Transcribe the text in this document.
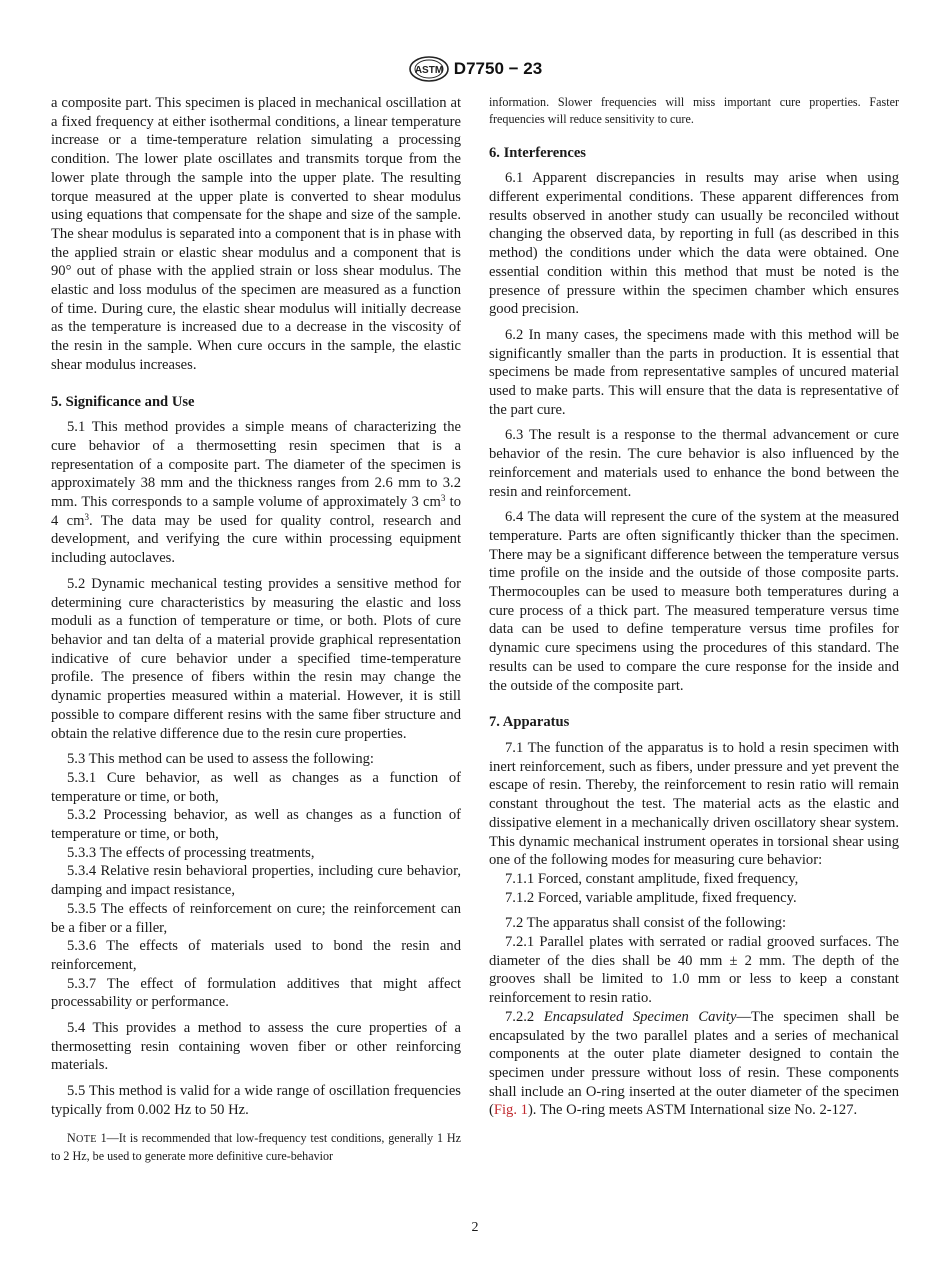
ASTM D7750 − 23

a composite part. This specimen is placed in mechanical oscillation at a fixed frequency at either isothermal conditions, a linear temperature increase or a time-temperature relation simulating a processing condition. The lower plate oscillates and transmits torque from the lower plate through the sample into the upper plate. The resulting torque measured at the upper plate is converted to shear modulus using equations that compensate for the shape and size of the sample. The shear modulus is separated into a component that is in phase with the applied strain or elastic shear modulus and a component that is 90° out of phase with the applied strain or loss shear modulus. The elastic and loss modulus of the specimen are measured as a function of time. During cure, the elastic shear modulus will initially decrease as the temperature is increased due to a decrease in the viscosity of the resin in the sample. When cure occurs in the sample, the elastic shear modulus increases.

5. Significance and Use

5.1 This method provides a simple means of characterizing the cure behavior of a thermosetting resin specimen that is a representation of a composite part. The diameter of the specimen is approximately 38 mm and the thickness ranges from 2.6 mm to 3.2 mm. This corresponds to a sample volume of approximately 3 $cm^3$ to 4 $cm^3$. The data may be used for quality control, research and development, and verifying the cure within processing equipment including autoclaves.

5.2 Dynamic mechanical testing provides a sensitive method for determining cure characteristics by measuring the elastic and loss moduli as a function of temperature or time, or both. Plots of cure behavior and tan delta of a material provide graphical representation indicative of cure behavior under a specified time-temperature profile. The presence of fibers within the resin may change the dynamic properties measured within a material. However, it is still possible to compare different resins with the same fiber structure and obtain the relative difference due to the resin cure properties.

5.3 This method can be used to assess the following:

5.3.1 Cure behavior, as well as changes as a function of temperature or time, or both,

5.3.2 Processing behavior, as well as changes as a function of temperature or time, or both,

5.3.3 The effects of processing treatments,

5.3.4 Relative resin behavioral properties, including cure behavior, damping and impact resistance,

5.3.5 The effects of reinforcement on cure; the reinforcement can be a fiber or a filler,

5.3.6 The effects of materials used to bond the resin and reinforcement,

5.3.7 The effect of formulation additives that might affect processability or performance.

5.4 This provides a method to assess the cure properties of a thermosetting resin containing woven fiber or other reinforcing materials.

5.5 This method is valid for a wide range of oscillation frequencies typically from 0.002 Hz to 50 Hz.

NOTE 1—It is recommended that low-frequency test conditions, generally 1 Hz to 2 Hz, be used to generate more definitive cure-behavior

information. Slower frequencies will miss important cure properties. Faster frequencies will reduce sensitivity to cure.

6. Interferences

6.1 Apparent discrepancies in results may arise when using different experimental conditions. These apparent differences from results observed in another study can usually be reconciled without changing the observed data, by reporting in full (as described in this method) the conditions under which the data were obtained. One essential condition within this method that must be noted is the presence of pressure within the specimen chamber which ensures good precision.

6.2 In many cases, the specimens made with this method will be significantly smaller than the parts in production. It is essential that specimens be made from representative samples of uncured material used to make parts. This will ensure that the data is representative of the part cure.

6.3 The result is a response to the thermal advancement or cure behavior of the resin. The cure behavior is also influenced by the reinforcement and materials used to enhance the bond between the resin and reinforcement.

6.4 The data will represent the cure of the system at the measured temperature. Parts are often significantly thicker than the specimen. There may be a significant difference between the temperature versus time profile on the inside and the outside of those composite parts. Thermocouples can be used to measure both temperatures during a cure process of a thick part. The measured temperature versus time data can be used to define temperature versus time profiles for dynamic cure specimens using the procedures of this standard. The results can be used to compare the cure response for the inside and the outside of the composite part.

7. Apparatus

7.1 The function of the apparatus is to hold a resin specimen with inert reinforcement, such as fibers, under pressure and yet prevent the escape of resin. Thereby, the reinforcement to resin ratio will remain constant throughout the test. The material acts as the elastic and dissipative element in a mechanically driven oscillatory shear system. This dynamic mechanical instrument operates in torsional shear using one of the following modes for measuring cure behavior:

7.1.1 Forced, constant amplitude, fixed frequency,

7.1.2 Forced, variable amplitude, fixed frequency.

7.2 The apparatus shall consist of the following:

7.2.1 Parallel plates with serrated or radial grooved surfaces. The diameter of the dies shall be 40 mm ± 2 mm. The depth of the grooves shall be limited to 1.0 mm or less to keep a constant reinforcement to resin ratio.

7.2.2 Encapsulated Specimen Cavity—The specimen shall be encapsulated by the two parallel plates and a series of mechanical components at the outer plate diameter designed to contain the specimen under pressure without loss of resin. These components shall include an O-ring inserted at the outer diameter of the specimen (Fig. 1). The O-ring meets ASTM International size No. 2-127.

2
